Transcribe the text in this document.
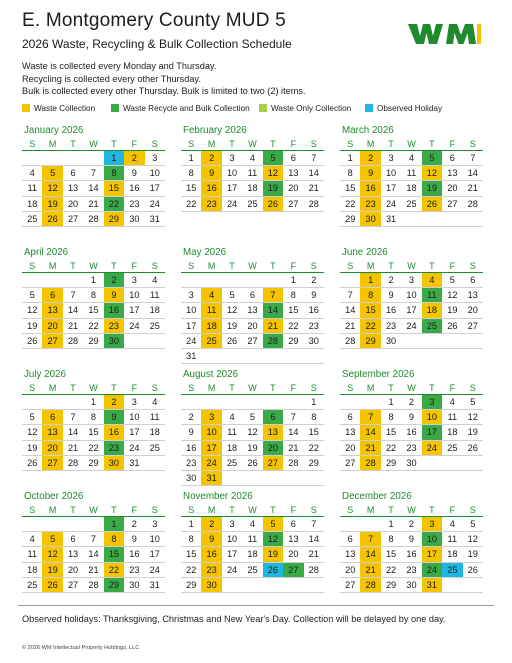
E. Montgomery County MUD 5
2026 Waste, Recycling & Bulk Collection Schedule
Waste is collected every Monday and Thursday.
Recycling is collected every other Thursday.
Bulk is collected every other Thursday. Bulk is limited to two (2) items.
Waste Collection	Waste Recycle and Bulk Collection	Waste Only Collection	Observed Holiday
January 2026
S	M	T	W	T	F	S
				1	2	3
4	5	6	7	8	9	10
11	12	13	14	15	16	17
18	19	20	21	22	23	24
25	26	27	28	29	30	31
February 2026
S	M	T	W	T	F	S
1	2	3	4	5	6	7
8	9	10	11	12	13	14
15	16	17	18	19	20	21
22	23	24	25	26	27	28
March 2026
S	M	T	W	T	F	S
1	2	3	4	5	6	7
8	9	10	11	12	13	14
15	16	17	18	19	20	21
22	23	24	25	26	27	28
29	30	31				
April 2026
S	M	T	W	T	F	S
			1	2	3	4
5	6	7	8	9	10	11
12	13	14	15	16	17	18
19	20	21	22	23	24	25
26	27	28	29	30		
May 2026
S	M	T	W	T	F	S
					1	2
3	4	5	6	7	8	9
10	11	12	13	14	15	16
17	18	19	20	21	22	23
24	25	26	27	28	29	30
31						
June 2026
S	M	T	W	T	F	S
	1	2	3	4	5	6
7	8	9	10	11	12	13
14	15	16	17	18	19	20
21	22	23	24	25	26	27
28	29	30				
July 2026
S	M	T	W	T	F	S
			1	2	3	4
5	6	7	8	9	10	11
12	13	14	15	16	17	18
19	20	21	22	23	24	25
26	27	28	29	30	31	
August 2026
S	M	T	W	T	F	S
						1
2	3	4	5	6	7	8
9	10	11	12	13	14	15
16	17	18	19	20	21	22
23	24	25	26	27	28	29
30	31					
September 2026
S	M	T	W	T	F	S
		1	2	3	4	5
6	7	8	9	10	11	12
13	14	15	16	17	18	19
20	21	22	23	24	25	26
27	28	29	30			
October 2026
S	M	T	W	T	F	S
				1	2	3
4	5	6	7	8	9	10
11	12	13	14	15	16	17
18	19	20	21	22	23	24
25	26	27	28	29	30	31
November 2026
S	M	T	W	T	F	S
1	2	3	4	5	6	7
8	9	10	11	12	13	14
15	16	17	18	19	20	21
22	23	24	25	26	27	28
29	30					
December 2026
S	M	T	W	T	F	S
		1	2	3	4	5
6	7	8	9	10	11	12
13	14	15	16	17	18	19
20	21	22	23	24	25	26
27	28	29	30	31		
Observed holidays: Thanksgiving, Christmas and New Year's Day. Collection will be delayed by one day.
© 2026 WM Intellectual Property Holdings, LLC
